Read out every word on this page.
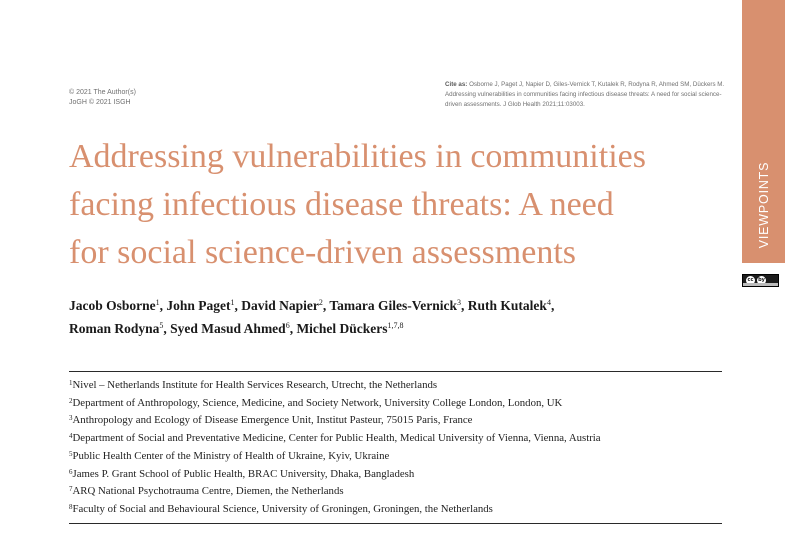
© 2021 The Author(s)
JoGH © 2021 ISGH
Cite as: Osborne J, Paget J, Napier D, Giles-Vernick T, Kutalek R, Rodyna R, Ahmed SM, Dückers M. Addressing vulnerabilities in communities facing infectious disease threats: A need for social science-driven assessments. J Glob Health 2021;11:03003.
Addressing vulnerabilities in communities
facing infectious disease threats: A need
for social science-driven assessments
Jacob Osborne$^1$, John Paget$^1$, David Napier$^2$, Tamara Giles-Vernick$^3$, Ruth Kutalek$^4$,
Roman Rodyna$^5$, Syed Masud Ahmed$^6$, Michel Dückers$^{1,7,8}$
$^1$Nivel – Netherlands Institute for Health Services Research, Utrecht, the Netherlands
$^2$Department of Anthropology, Science, Medicine, and Society Network, University College London, London, UK
$^3$Anthropology and Ecology of Disease Emergence Unit, Institut Pasteur, 75015 Paris, France
$^4$Department of Social and Preventative Medicine, Center for Public Health, Medical University of Vienna, Vienna, Austria
$^5$Public Health Center of the Ministry of Health of Ukraine, Kyiv, Ukraine
$^6$James P. Grant School of Public Health, BRAC University, Dhaka, Bangladesh
$^7$ARQ National Psychotrauma Centre, Diemen, the Netherlands
$^8$Faculty of Social and Behavioural Science, University of Groningen, Groningen, the Netherlands
VIEWPOINTS
cc by
